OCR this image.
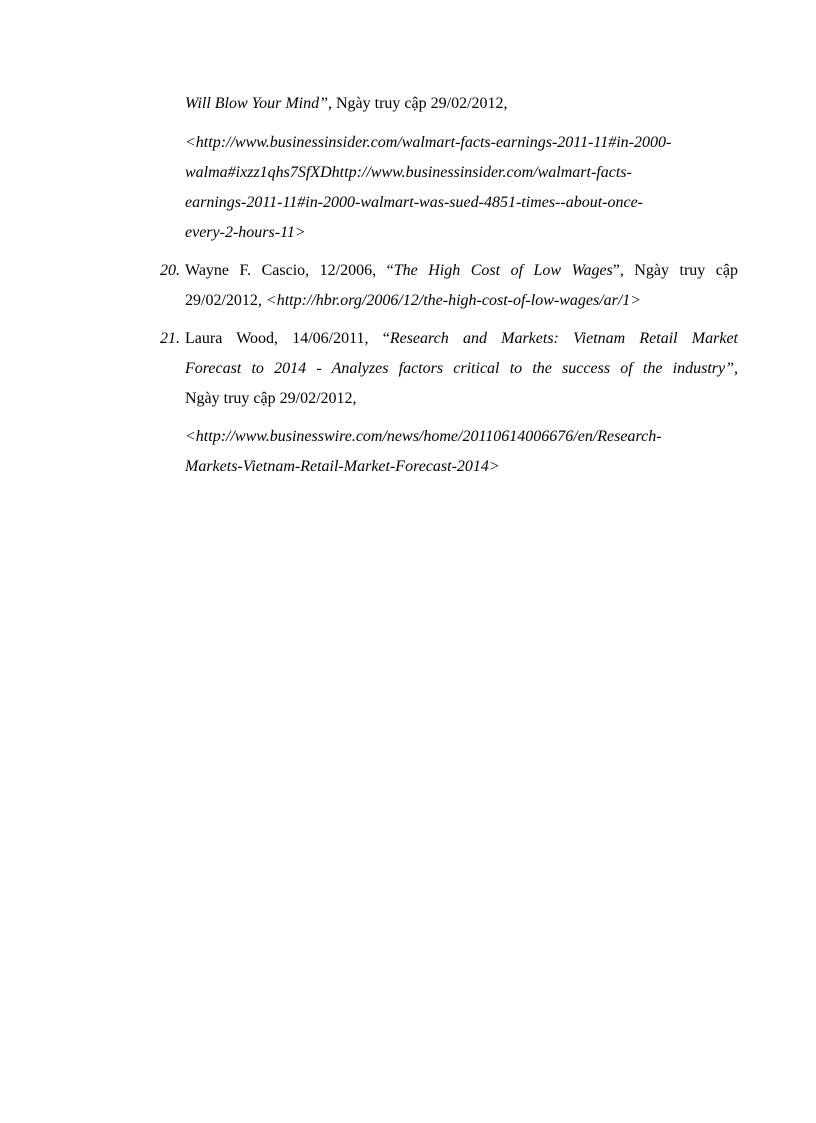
Will Blow Your Mind”, Ngày truy cập 29/02/2012,
<http://www.businessinsider.com/walmart-facts-earnings-2011-11#in-2000-
walma#ixzz1qhs7SfXDhttp://www.businessinsider.com/walmart-facts-
earnings-2011-11#in-2000-walmart-was-sued-4851-times--about-once-
every-2-hours-11>
20. Wayne F. Cascio, 12/2006, “The High Cost of Low Wages”, Ngày truy cập
29/02/2012, <http://hbr.org/2006/12/the-high-cost-of-low-wages/ar/1>
21. Laura Wood, 14/06/2011, “Research and Markets: Vietnam Retail Market
Forecast to 2014 - Analyzes factors critical to the success of the industry”,
Ngày truy cập 29/02/2012,
<http://www.businesswire.com/news/home/20110614006676/en/Research-
Markets-Vietnam-Retail-Market-Forecast-2014>
